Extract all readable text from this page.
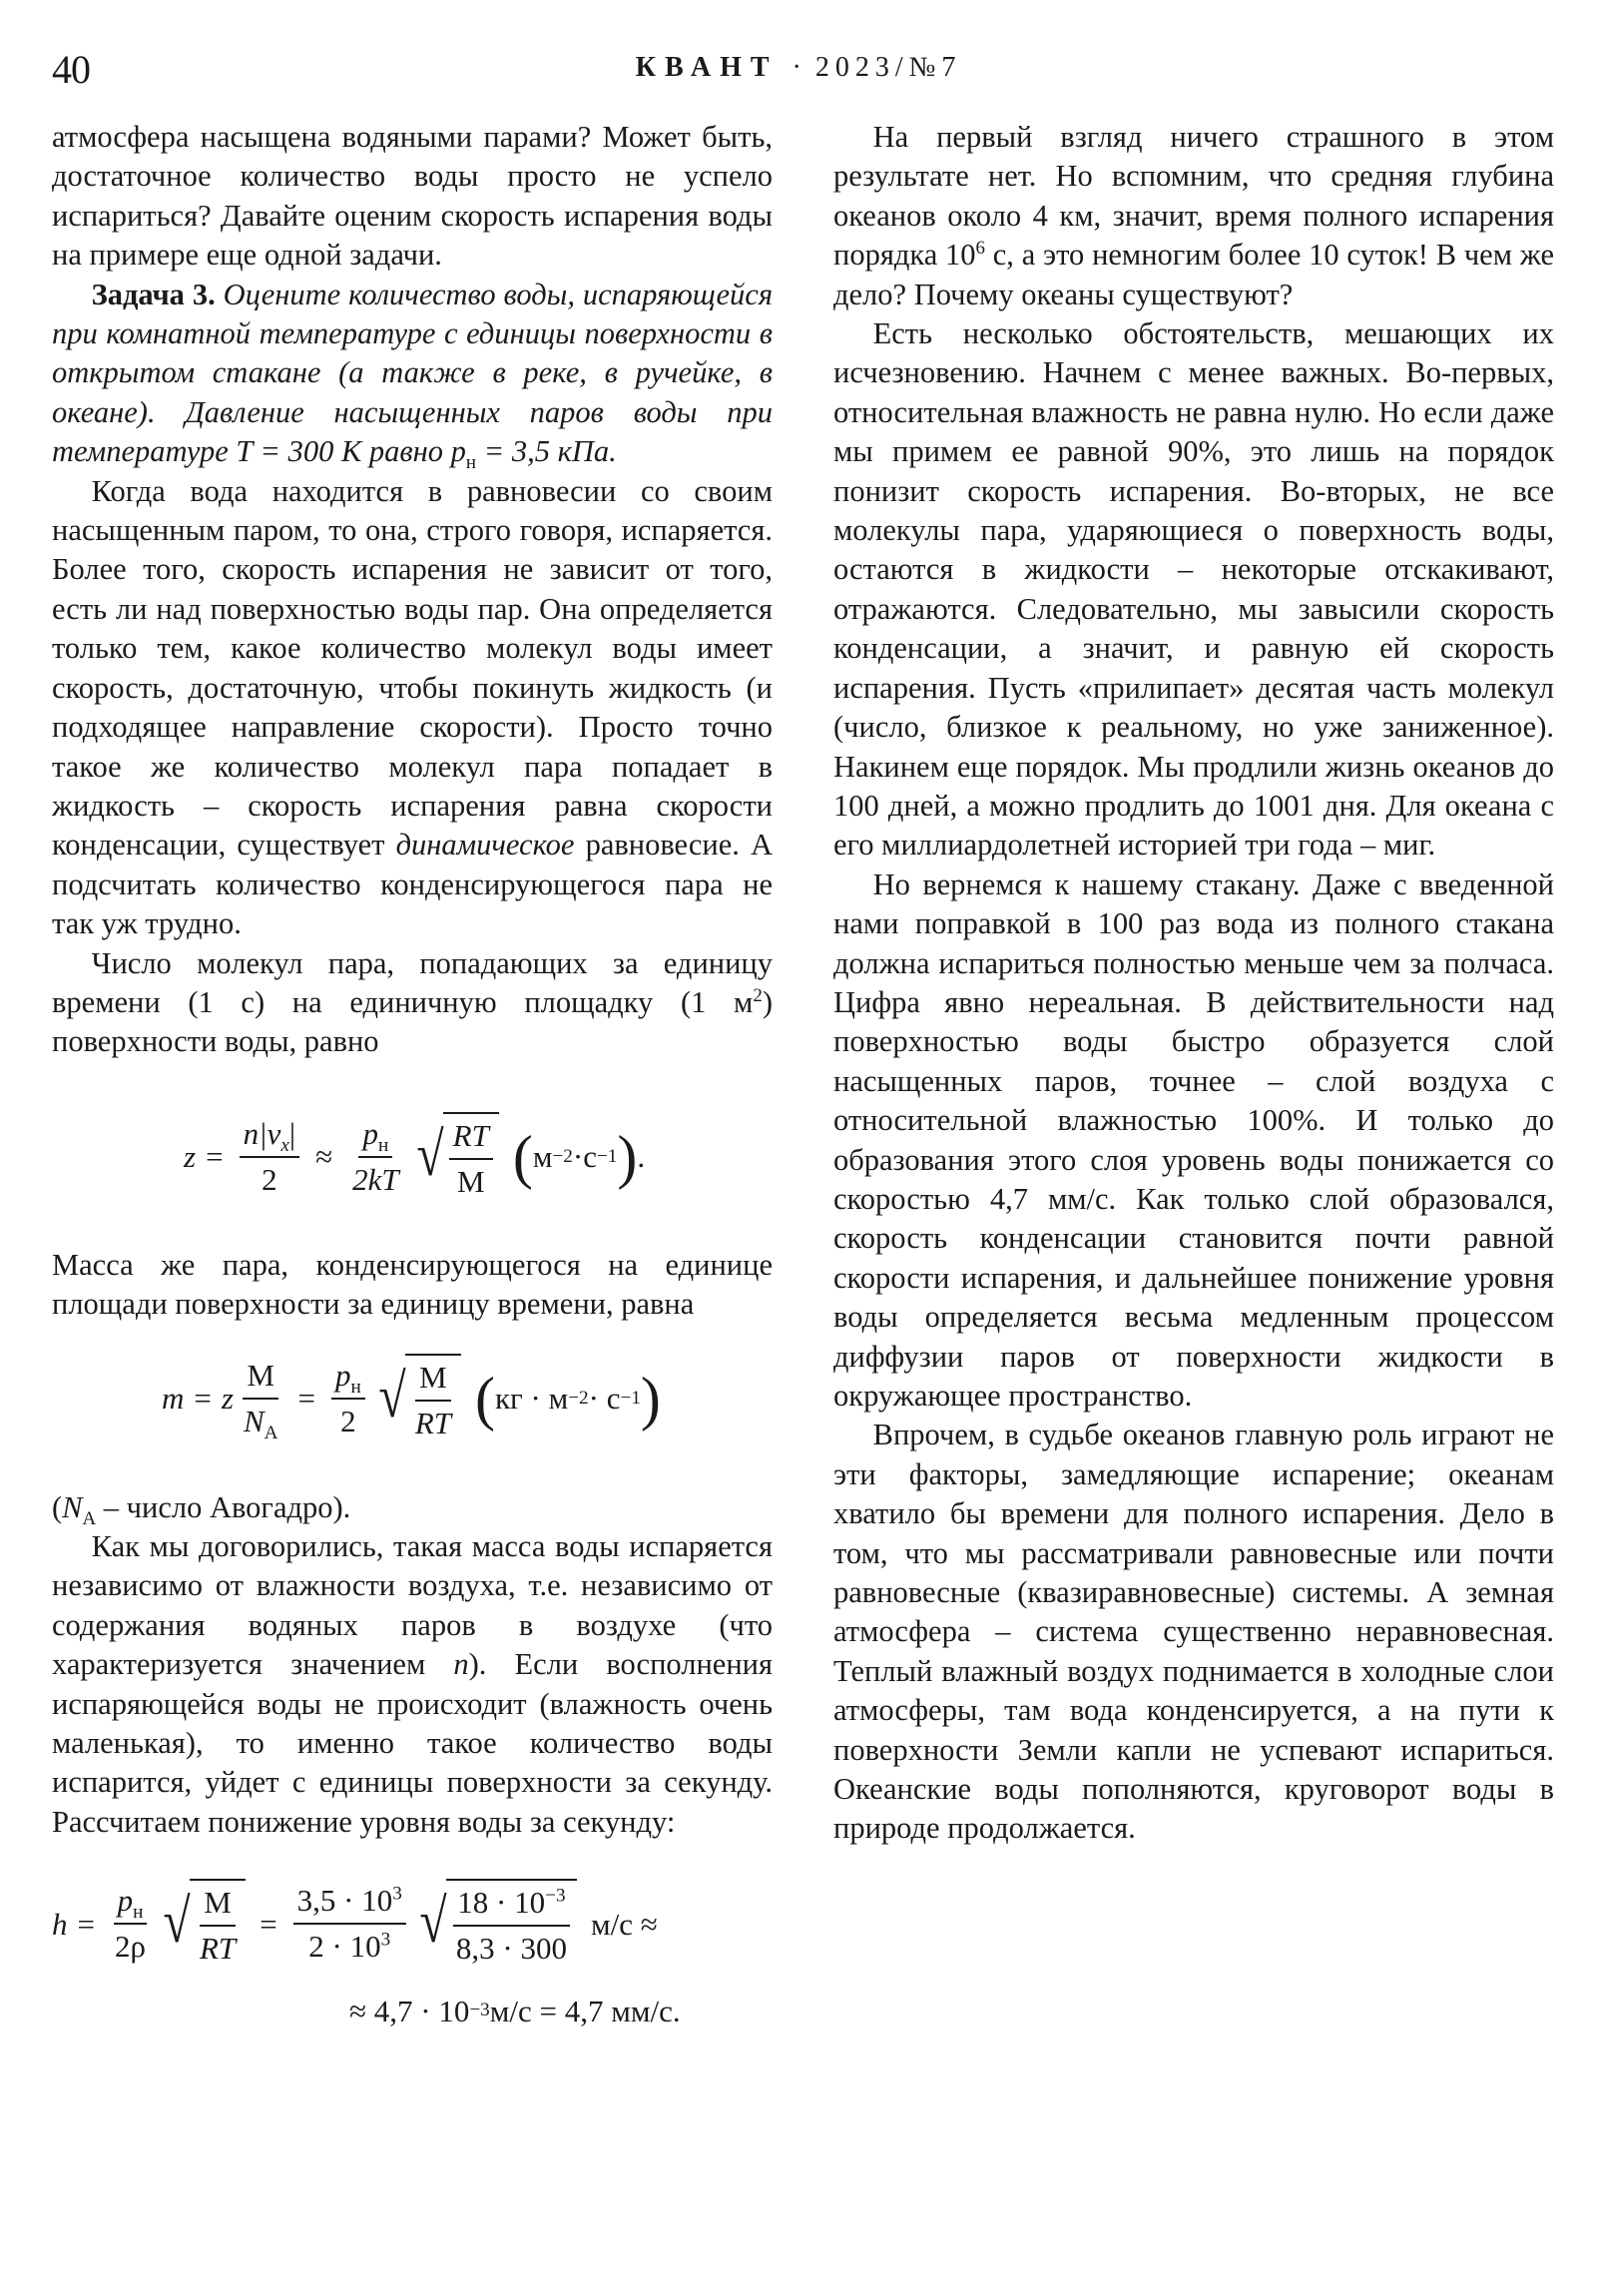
40	КВАНТ · 2023/№7

атмосфера насыщена водяными парами? Может быть, достаточное количество воды просто не успело испариться? Давайте оценим скорость испарения воды на примере еще одной задачи.

Задача 3. Оцените количество воды, испаряющейся при комнатной температуре с единицы поверхности в открытом стакане (а также в реке, в ручейке, в океане). Давление насыщенных паров воды при температуре T = 300 К равно $p_н = 3,5$ кПа.

Когда вода находится в равновесии со своим насыщенным паром, то она, строго говоря, испаряется. Более того, скорость испарения не зависит от того, есть ли над поверхностью воды пар. Она определяется только тем, какое количество молекул воды имеет скорость, достаточную, чтобы покинуть жидкость (и подходящее направление скорости). Просто точно такое же количество молекул пара попадает в жидкость – скорость испарения равна скорости конденсации, существует динамическое равновесие. А подсчитать количество конденсирующегося пара не так уж трудно.

Число молекул пара, попадающих за единицу времени (1 с) на единичную площадку (1 $м^2$) поверхности воды, равно

$z = \frac{n|v_x|}{2} \approx \frac{p_н}{2kT}$ √ $\frac{RT}{М}$ ( м −2 · с −1 ) .

Масса же пара, конденсирующегося на единице площади поверхности за единицу времени, равна

m = z $\frac{М}{N_А} = \frac{p_н}{2}$ √ $\frac{М}{RT}$ ( кг · м −2 · с −1 )

($N_А$ – число Авогадро).

Как мы договорились, такая масса воды испаряется независимо от влажности воздуха, т.е. независимо от содержания водяных паров в воздухе (что характеризуется значением n). Если восполнения испаряющейся воды не происходит (влажность очень маленькая), то именно такое количество воды испарится, уйдет с единицы поверхности за секунду. Рассчитаем понижение уровня воды за секунду:

$h = \frac{p_н}{2\rho}$ √ $\frac{М}{RT} = \frac{3,5 \cdot 10^3}{2 \cdot 10^3}$ √ $\frac{18 \cdot 10^{-3}}{8,3 \cdot 300} м/с$ ≈
≈ 4,7 · 10 −3 м/с = 4,7 мм/с.

На первый взгляд ничего страшного в этом результате нет. Но вспомним, что средняя глубина океанов около 4 км, значит, время полного испарения порядка $10^6$ с, а это немногим более 10 суток! В чем же дело? Почему океаны существуют?

Есть несколько обстоятельств, мешающих их исчезновению. Начнем с менее важных. Во-первых, относительная влажность не равна нулю. Но если даже мы примем ее равной 90%, это лишь на порядок понизит скорость испарения. Во-вторых, не все молекулы пара, ударяющиеся о поверхность воды, остаются в жидкости – некоторые отскакивают, отражаются. Следовательно, мы завысили скорость конденсации, а значит, и равную ей скорость испарения. Пусть «прилипает» десятая часть молекул (число, близкое к реальному, но уже заниженное). Накинем еще порядок. Мы продлили жизнь океанов до 100 дней, а можно продлить до 1001 дня. Для океана с его миллиардолетней историей три года – миг.

Но вернемся к нашему стакану. Даже с введенной нами поправкой в 100 раз вода из полного стакана должна испариться полностью меньше чем за полчаса. Цифра явно нереальная. В действительности над поверхностью воды быстро образуется слой насыщенных паров, точнее – слой воздуха с относительной влажностью 100%. И только до образования этого слоя уровень воды понижается со скоростью 4,7 мм/с. Как только слой образовался, скорость конденсации становится почти равной скорости испарения, и дальнейшее понижение уровня воды определяется весьма медленным процессом диффузии паров от поверхности жидкости в окружающее пространство.

Впрочем, в судьбе океанов главную роль играют не эти факторы, замедляющие испарение; океанам хватило бы времени для полного испарения. Дело в том, что мы рассматривали равновесные или почти равновесные (квазиравновесные) системы. А земная атмосфера – система существенно неравновесная. Теплый влажный воздух поднимается в холодные слои атмосферы, там вода конденсируется, а на пути к поверхности Земли капли не успевают испариться. Океанские воды пополняются, круговорот воды в природе продолжается.
